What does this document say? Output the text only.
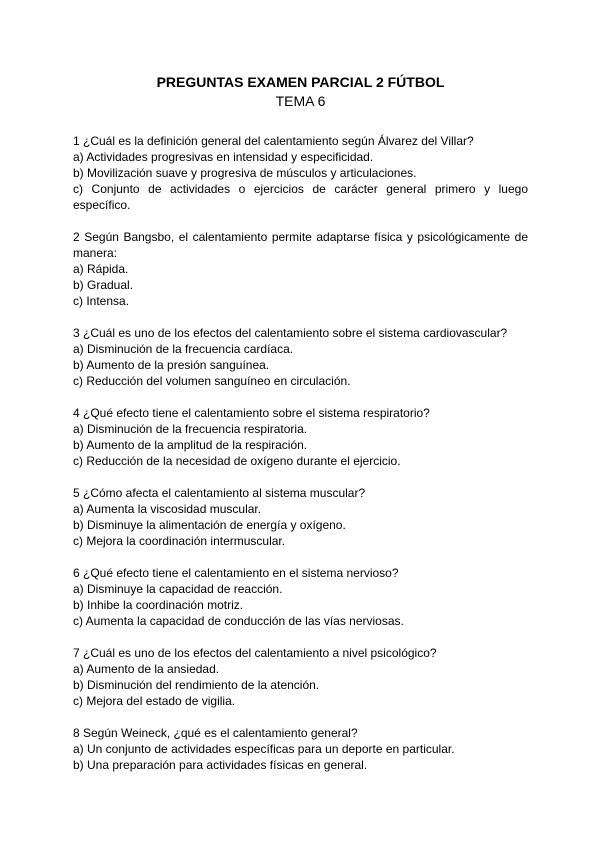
PREGUNTAS EXAMEN PARCIAL 2 FÚTBOL
TEMA 6

1 ¿Cuál es la definición general del calentamiento según Álvarez del Villar?

a) Actividades progresivas en intensidad y especificidad.

b) Movilización suave y progresiva de músculos y articulaciones.

c) Conjunto de actividades o ejercicios de carácter general primero y luego específico.

2 Según Bangsbo, el calentamiento permite adaptarse física y psicológicamente de manera:

a) Rápida.

b) Gradual.

c) Intensa.

3 ¿Cuál es uno de los efectos del calentamiento sobre el sistema cardiovascular?

a) Disminución de la frecuencia cardíaca.

b) Aumento de la presión sanguínea.

c) Reducción del volumen sanguíneo en circulación.

4 ¿Qué efecto tiene el calentamiento sobre el sistema respiratorio?

a) Disminución de la frecuencia respiratoria.

b) Aumento de la amplitud de la respiración.

c) Reducción de la necesidad de oxígeno durante el ejercicio.

5 ¿Cómo afecta el calentamiento al sistema muscular?

a) Aumenta la viscosidad muscular.

b) Disminuye la alimentación de energía y oxígeno.

c) Mejora la coordinación intermuscular.

6 ¿Qué efecto tiene el calentamiento en el sistema nervioso?

a) Disminuye la capacidad de reacción.

b) Inhibe la coordinación motriz.

c) Aumenta la capacidad de conducción de las vías nerviosas.

7 ¿Cuál es uno de los efectos del calentamiento a nivel psicológico?

a) Aumento de la ansiedad.

b) Disminución del rendimiento de la atención.

c) Mejora del estado de vigilia.

8 Según Weineck, ¿qué es el calentamiento general?

a) Un conjunto de actividades específicas para un deporte en particular.

b) Una preparación para actividades físicas en general.
